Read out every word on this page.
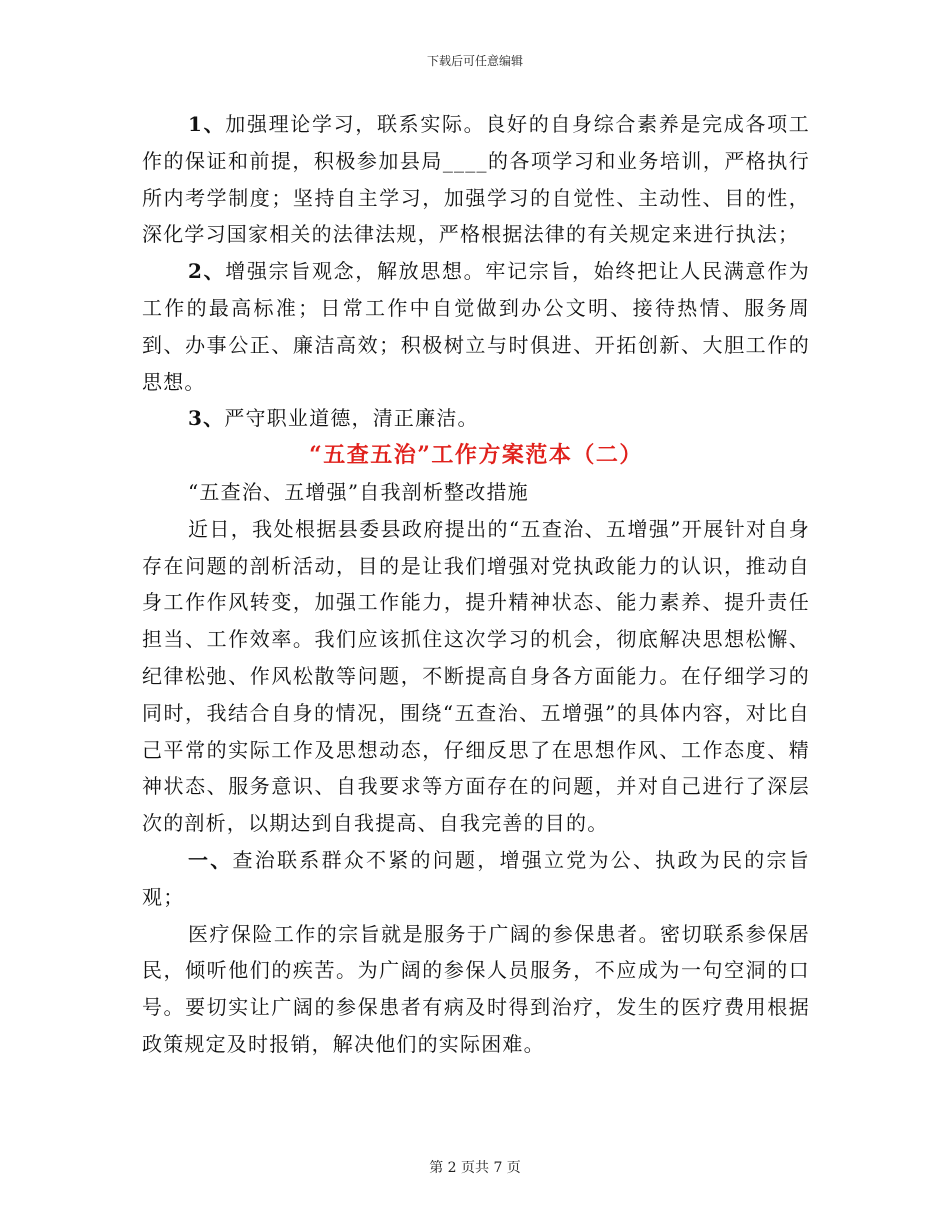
下载后可任意编辑

1、加强理论学习，联系实际。良好的自身综合素养是完成各项工作的保证和前提，积极参加县局____的各项学习和业务培训，严格执行所内考学制度；坚持自主学习，加强学习的自觉性、主动性、目的性，深化学习国家相关的法律法规，严格根据法律的有关规定来进行执法；

2、增强宗旨观念，解放思想。牢记宗旨，始终把让人民满意作为工作的最高标准；日常工作中自觉做到办公文明、接待热情、服务周到、办事公正、廉洁高效；积极树立与时俱进、开拓创新、大胆工作的思想。

3、严守职业道德，清正廉洁。

“五查五治”工作方案范本（二）

“五查治、五增强”自我剖析整改措施

近日，我处根据县委县政府提出的“五查治、五增强”开展针对自身存在问题的剖析活动，目的是让我们增强对党执政能力的认识，推动自身工作作风转变，加强工作能力，提升精神状态、能力素养、提升责任担当、工作效率。我们应该抓住这次学习的机会，彻底解决思想松懈、纪律松弛、作风松散等问题，不断提高自身各方面能力。在仔细学习的同时，我结合自身的情况，围绕“五查治、五增强”的具体内容，对比自己平常的实际工作及思想动态，仔细反思了在思想作风、工作态度、精神状态、服务意识、自我要求等方面存在的问题，并对自己进行了深层次的剖析，以期达到自我提高、自我完善的目的。

一、查治联系群众不紧的问题，增强立党为公、执政为民的宗旨观；

医疗保险工作的宗旨就是服务于广阔的参保患者。密切联系参保居民，倾听他们的疾苦。为广阔的参保人员服务，不应成为一句空洞的口号。要切实让广阔的参保患者有病及时得到治疗，发生的医疗费用根据政策规定及时报销，解决他们的实际困难。

第 2 页共 7 页
